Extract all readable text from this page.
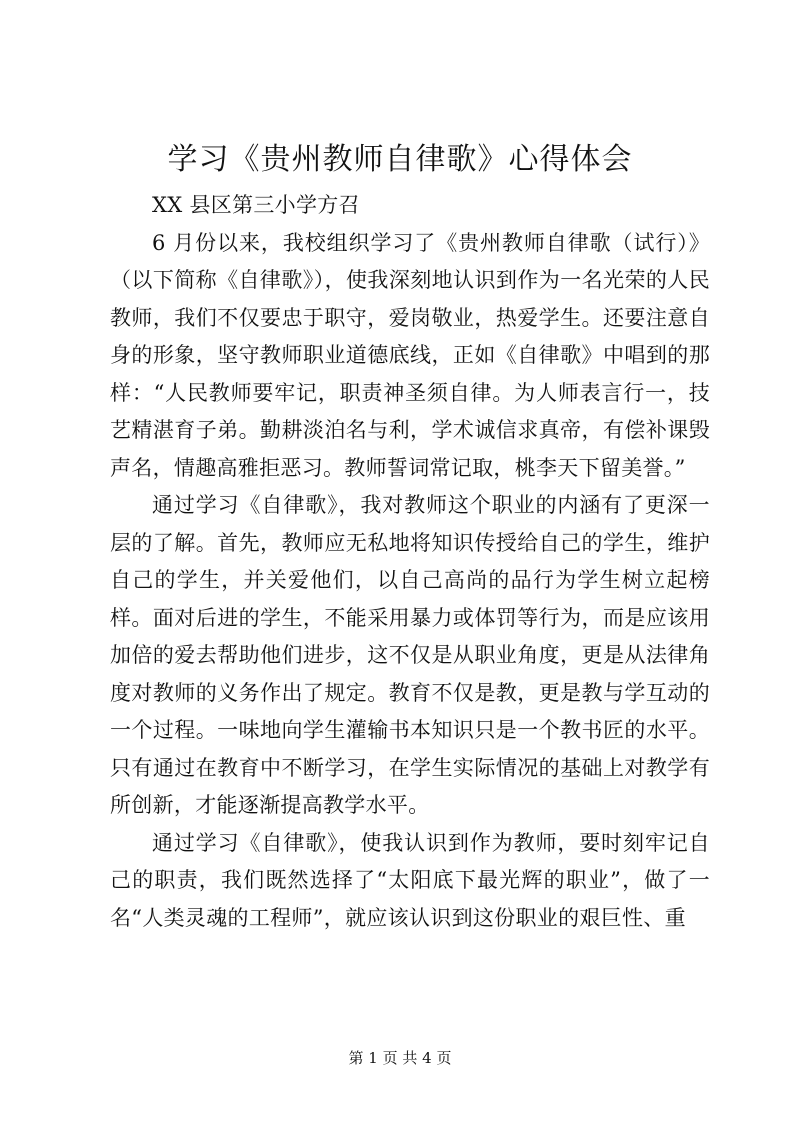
学习《贵州教师自律歌》心得体会

XX 县区第三小学方召

6 月份以来，我校组织学习了《贵州教师自律歌（试行）》（以下简称《自律歌》），使我深刻地认识到作为一名光荣的人民教师，我们不仅要忠于职守，爱岗敬业，热爱学生。还要注意自身的形象，坚守教师职业道德底线，正如《自律歌》中唱到的那样：“人民教师要牢记，职责神圣须自律。为人师表言行一，技艺精湛育子弟。勤耕淡泊名与利，学术诚信求真帝，有偿补课毁声名，情趣高雅拒恶习。教师誓词常记取，桃李天下留美誉。”

通过学习《自律歌》，我对教师这个职业的内涵有了更深一层的了解。首先，教师应无私地将知识传授给自己的学生，维护自己的学生，并关爱他们，以自己高尚的品行为学生树立起榜样。面对后进的学生，不能采用暴力或体罚等行为，而是应该用加倍的爱去帮助他们进步，这不仅是从职业角度，更是从法律角度对教师的义务作出了规定。教育不仅是教，更是教与学互动的一个过程。一味地向学生灌输书本知识只是一个教书匠的水平。只有通过在教育中不断学习，在学生实际情况的基础上对教学有所创新，才能逐渐提高教学水平。

通过学习《自律歌》，使我认识到作为教师，要时刻牢记自己的职责，我们既然选择了“太阳底下最光辉的职业”，做了一名“人类灵魂的工程师”，就应该认识到这份职业的艰巨性、重

第 1 页 共 4 页
